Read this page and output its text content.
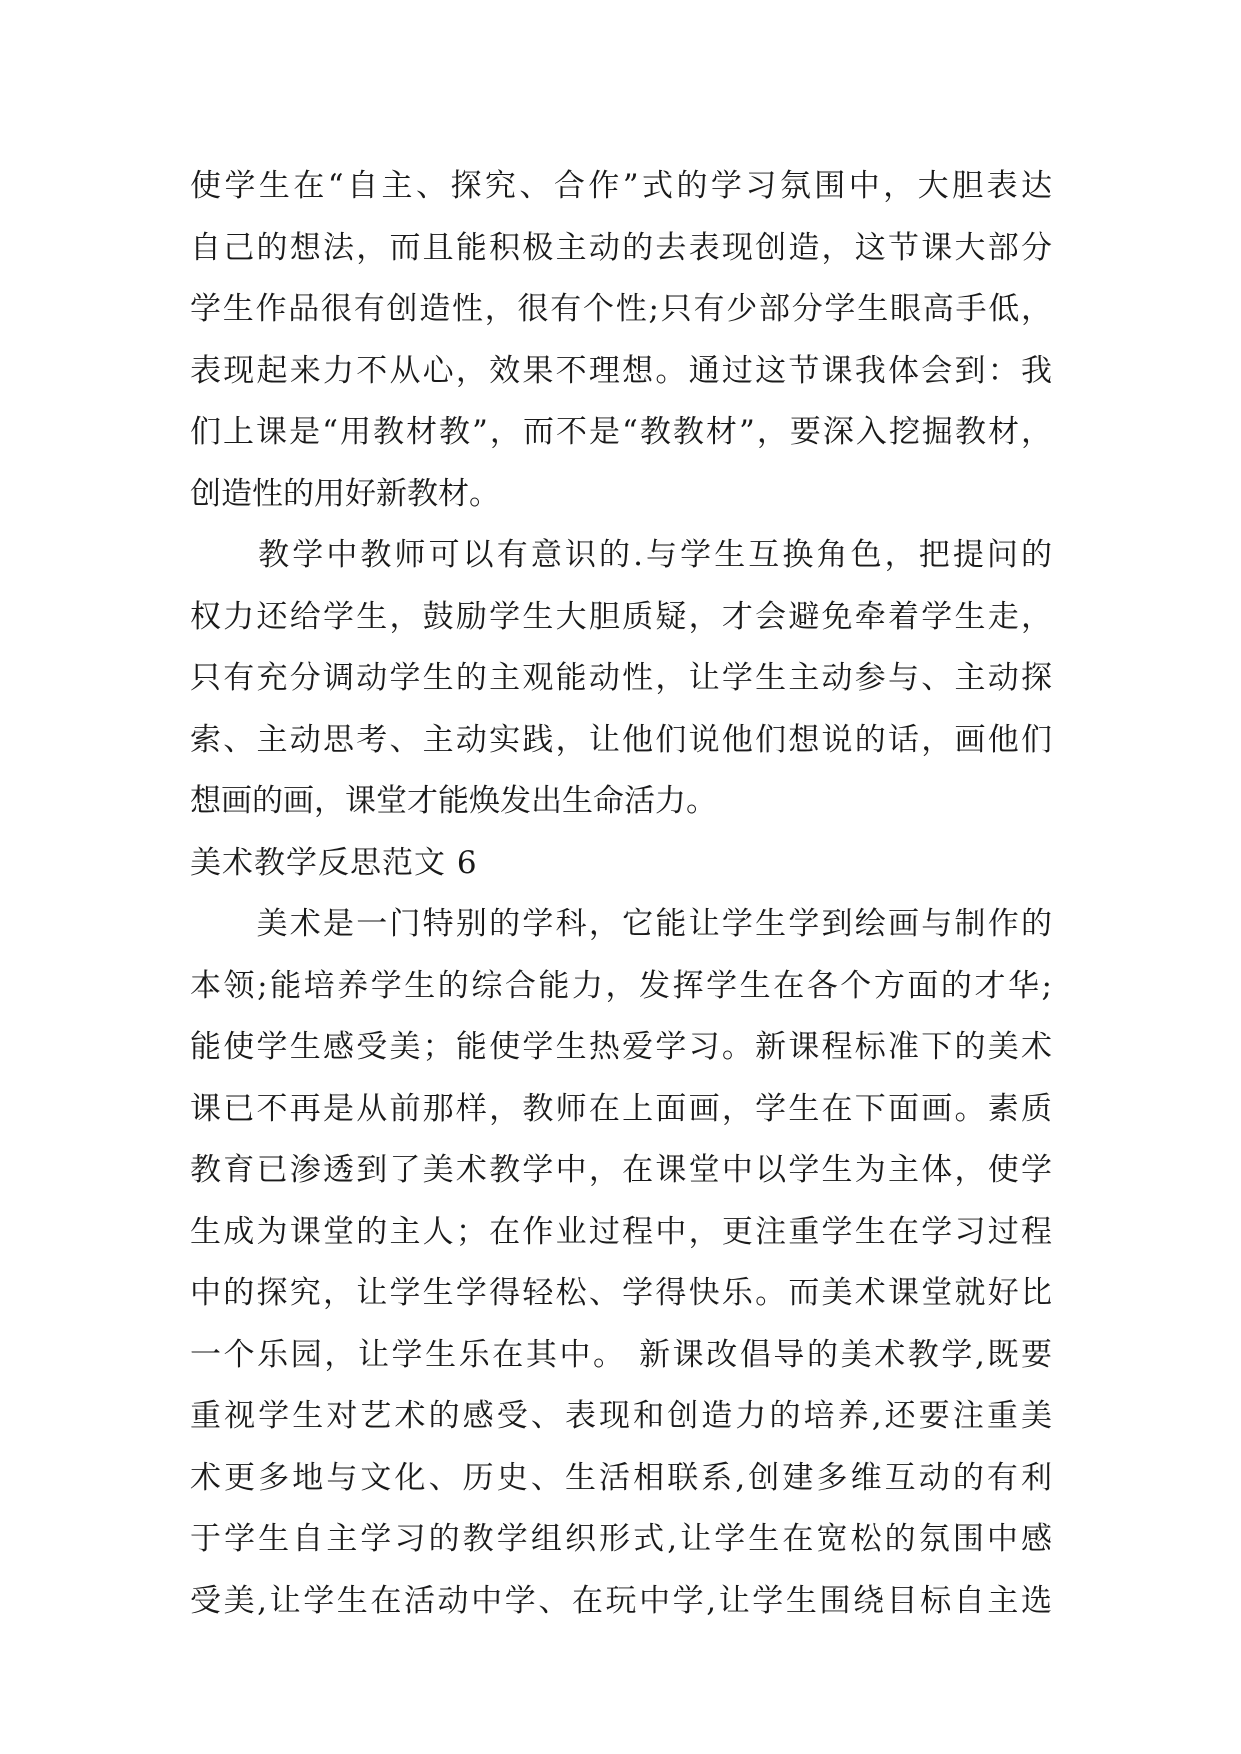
使学生在“自主、探究、合作”式的学习氛围中，大胆表达
自己的想法，而且能积极主动的去表现创造，这节课大部分
学生作品很有创造性，很有个性;只有少部分学生眼高手低，
表现起来力不从心，效果不理想。通过这节课我体会到：我
们上课是“用教材教”，而不是“教教材”，要深入挖掘教材，
创造性的用好新教材。
　　教学中教师可以有意识的.与学生互换角色，把提问的
权力还给学生，鼓励学生大胆质疑，才会避免牵着学生走，
只有充分调动学生的主观能动性，让学生主动参与、主动探
索、主动思考、主动实践，让他们说他们想说的话，画他们
想画的画，课堂才能焕发出生命活力。
美术教学反思范文 6
　　美术是一门特别的学科，它能让学生学到绘画与制作的
本领;能培养学生的综合能力，发挥学生在各个方面的才华;
能使学生感受美；能使学生热爱学习。新课程标准下的美术
课已不再是从前那样，教师在上面画，学生在下面画。素质
教育已渗透到了美术教学中，在课堂中以学生为主体，使学
生成为课堂的主人；在作业过程中，更注重学生在学习过程
中的探究，让学生学得轻松、学得快乐。而美术课堂就好比
一个乐园，让学生乐在其中。 新课改倡导的美术教学,既要
重视学生对艺术的感受、表现和创造力的培养,还要注重美
术更多地与文化、历史、生活相联系,创建多维互动的有利
于学生自主学习的教学组织形式,让学生在宽松的氛围中感
受美,让学生在活动中学、在玩中学,让学生围绕目标自主选
